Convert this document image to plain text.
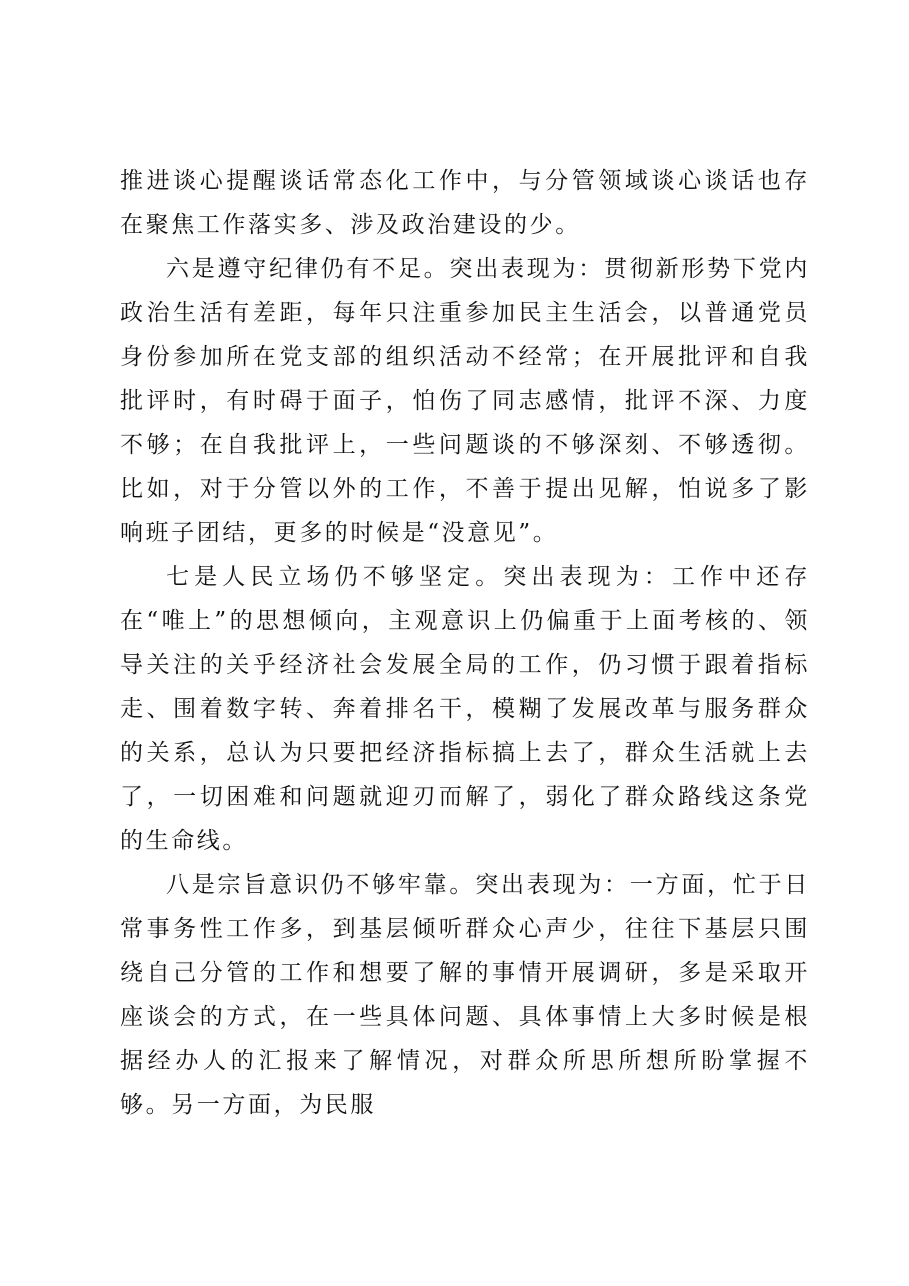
推进谈心提醒谈话常态化工作中，与分管领域谈心谈话也存在聚焦工作落实多、涉及政治建设的少。

六是遵守纪律仍有不足。突出表现为：贯彻新形势下党内政治生活有差距，每年只注重参加民主生活会，以普通党员身份参加所在党支部的组织活动不经常；在开展批评和自我批评时，有时碍于面子，怕伤了同志感情，批评不深、力度不够；在自我批评上，一些问题谈的不够深刻、不够透彻。比如，对于分管以外的工作，不善于提出见解，怕说多了影响班子团结，更多的时候是“没意见”。

七是人民立场仍不够坚定。突出表现为：工作中还存在“唯上”的思想倾向，主观意识上仍偏重于上面考核的、领导关注的关乎经济社会发展全局的工作，仍习惯于跟着指标走、围着数字转、奔着排名干，模糊了发展改革与服务群众的关系，总认为只要把经济指标搞上去了，群众生活就上去了，一切困难和问题就迎刃而解了，弱化了群众路线这条党的生命线。

八是宗旨意识仍不够牢靠。突出表现为：一方面，忙于日常事务性工作多，到基层倾听群众心声少，往往下基层只围绕自己分管的工作和想要了解的事情开展调研，多是采取开座谈会的方式，在一些具体问题、具体事情上大多时候是根据经办人的汇报来了解情况，对群众所思所想所盼掌握不够。另一方面，为民服
